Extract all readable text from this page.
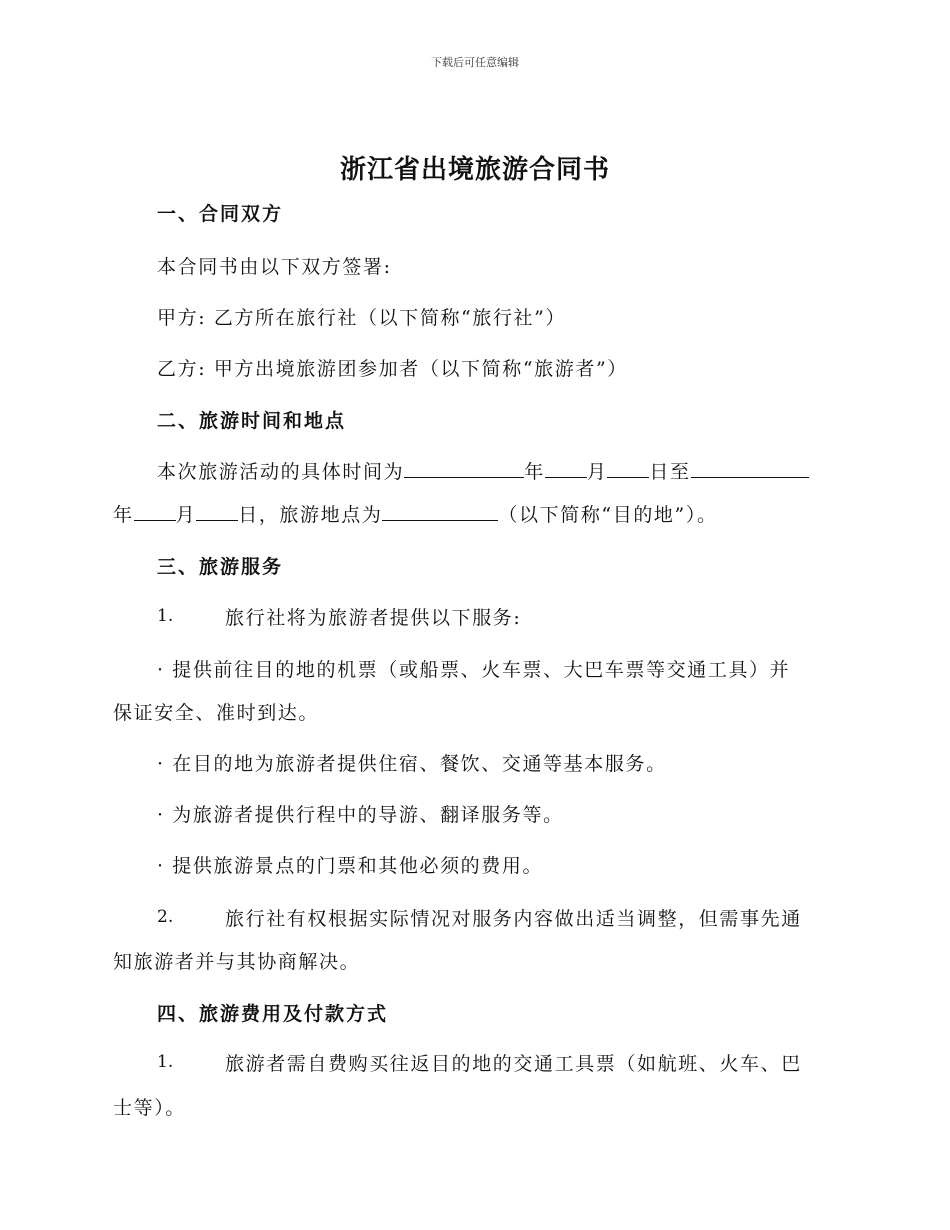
下载后可任意编辑
浙江省出境旅游合同书
一、合同双方
本合同书由以下双方签署:
甲方: 乙方所在旅行社（以下简称“旅行社”）
乙方: 甲方出境旅游团参加者（以下简称“旅游者”）
二、旅游时间和地点
本次旅游活动的具体时间为	年 月 日至
年 月 日，旅游地点为	（以下简称“目的地”）。
三、旅游服务
1.	旅行社将为旅游者提供以下服务:
· 提供前往目的地的机票（或船票、火车票、大巴车票等交通工具）并
保证安全、准时到达。
· 在目的地为旅游者提供住宿、餐饮、交通等基本服务。
· 为旅游者提供行程中的导游、翻译服务等。
· 提供旅游景点的门票和其他必须的费用。
2.	旅行社有权根据实际情况对服务内容做出适当调整，但需事先通
知旅游者并与其协商解决。
四、旅游费用及付款方式
1.	旅游者需自费购买往返目的地的交通工具票（如航班、火车、巴
士等）。
